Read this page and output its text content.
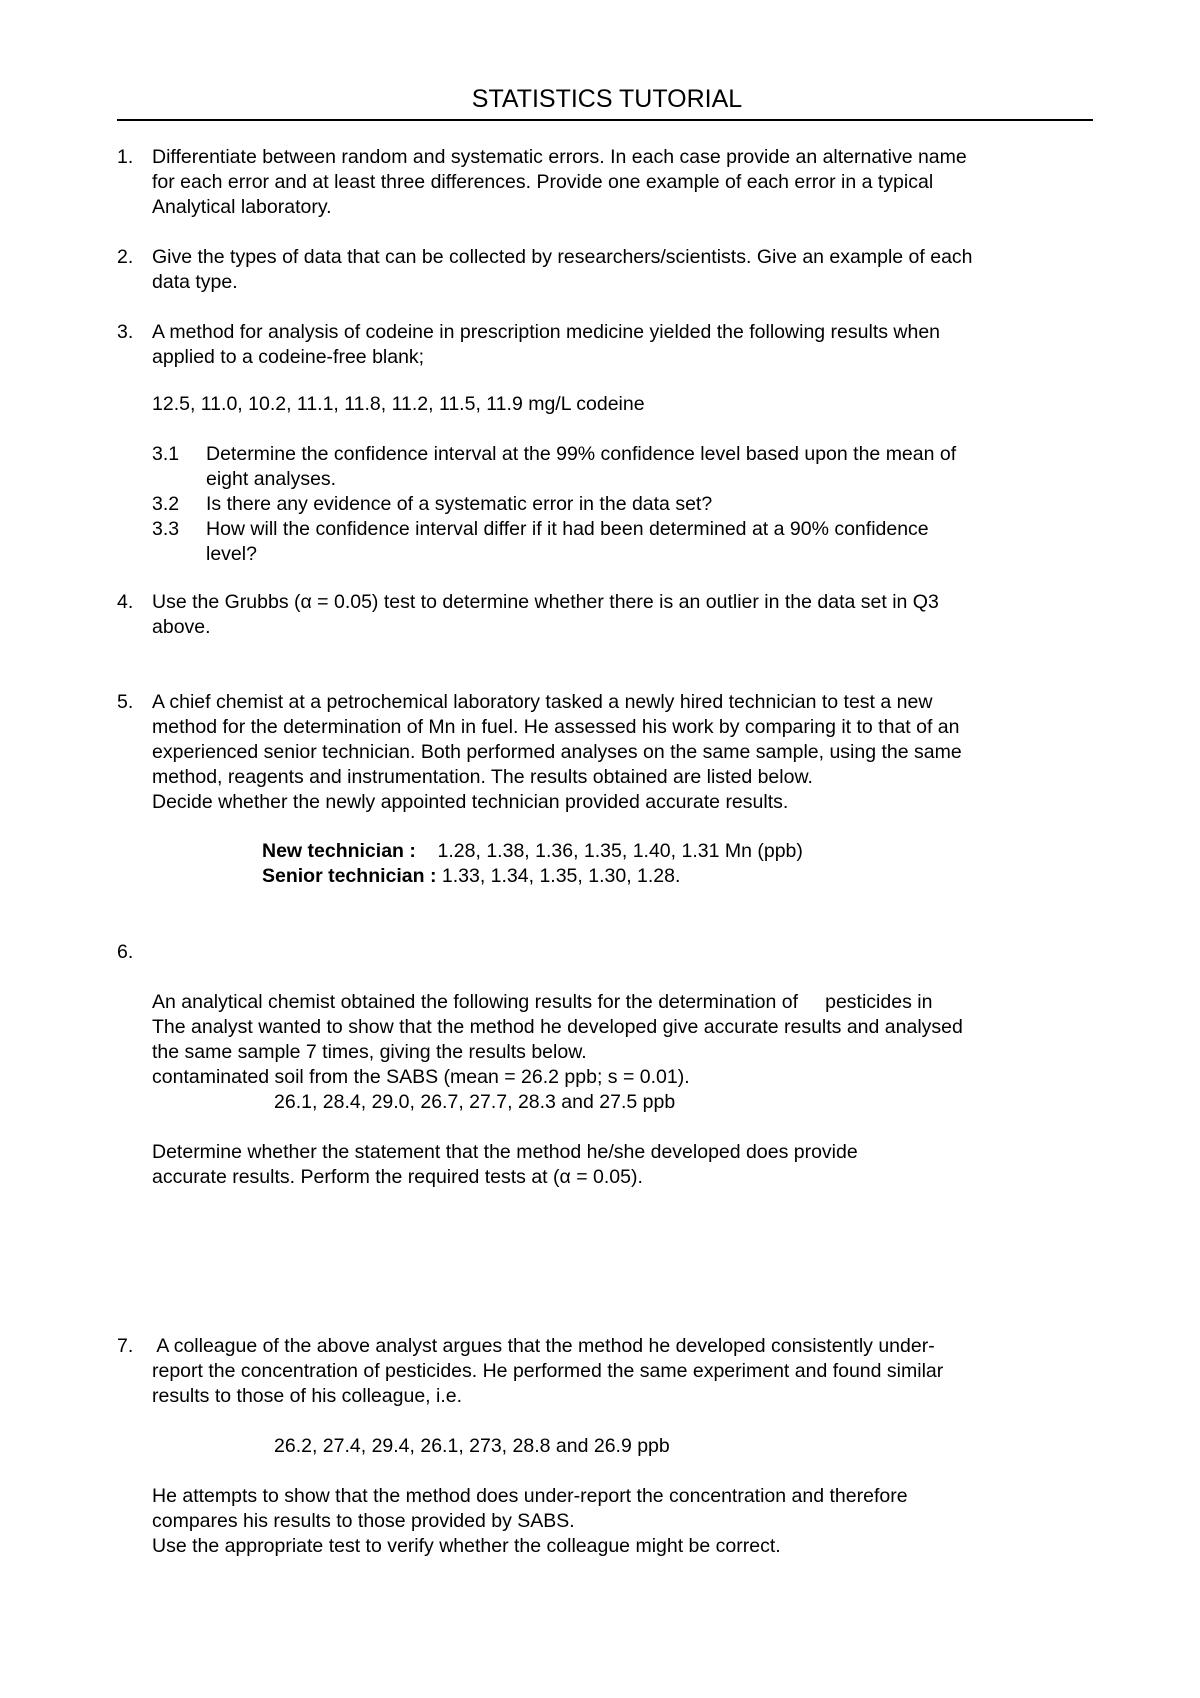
STATISTICS TUTORIAL
1. Differentiate between random and systematic errors. In each case provide an alternative name
for each error and at least three differences. Provide one example of each error in a typical
Analytical laboratory.
2. Give the types of data that can be collected by researchers/scientists. Give an example of each
data type.
3. A method for analysis of codeine in prescription medicine yielded the following results when
applied to a codeine-free blank;
12.5, 11.0, 10.2, 11.1, 11.8, 11.2, 11.5, 11.9 mg/L codeine
3.1 Determine the confidence interval at the 99% confidence level based upon the mean of
eight analyses.
3.2 Is there any evidence of a systematic error in the data set?
3.3 How will the confidence interval differ if it had been determined at a 90% confidence
level?
4. Use the Grubbs (α = 0.05) test to determine whether there is an outlier in the data set in Q3
above.
5. A chief chemist at a petrochemical laboratory tasked a newly hired technician to test a new
method for the determination of Mn in fuel. He assessed his work by comparing it to that of an
experienced senior technician. Both performed analyses on the same sample, using the same
method, reagents and instrumentation. The results obtained are listed below.
Decide whether the newly appointed technician provided accurate results.
New technician : 1.28, 1.38, 1.36, 1.35, 1.40, 1.31 Mn (ppb)
Senior technician : 1.33, 1.34, 1.35, 1.30, 1.28.
6.

An analytical chemist obtained the following results for the determination of     pesticides in

contaminated soil from the SABS (mean = 26.2 ppb; s = 0.01).

The analyst wanted to show that the method he developed give accurate results and analysed
the same sample 7 times, giving the results below.
26.1, 28.4, 29.0, 26.7, 27.7, 28.3 and 27.5 ppb
Determine whether the statement that the method he/she developed does provide
accurate results. Perform the required tests at (α = 0.05).
7. A colleague of the above analyst argues that the method he developed consistently under-
report the concentration of pesticides. He performed the same experiment and found similar
results to those of his colleague, i.e.
26.2, 27.4, 29.4, 26.1, 273, 28.8 and 26.9 ppb
He attempts to show that the method does under-report the concentration and therefore
compares his results to those provided by SABS.
Use the appropriate test to verify whether the colleague might be correct.
